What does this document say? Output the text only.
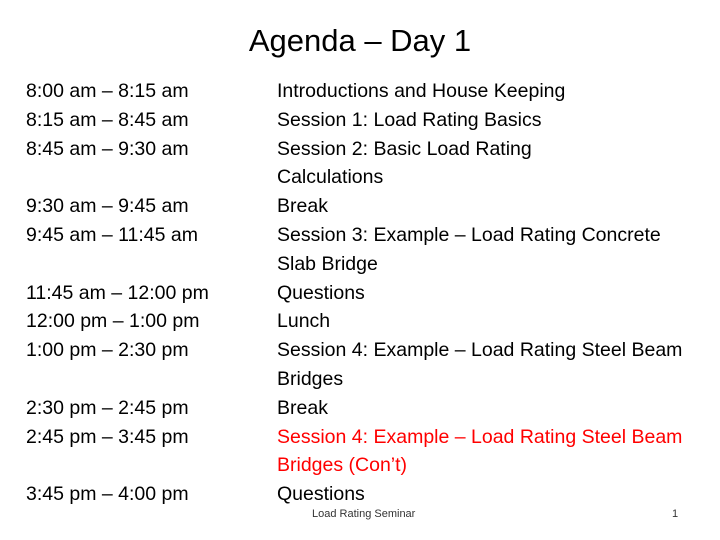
Agenda – Day 1
8:00 am – 8:15 am
8:15 am – 8:45 am
8:45 am – 9:30 am
9:30 am – 9:45 am
9:45 am – 11:45 am
11:45 am – 12:00 pm
12:00 pm – 1:00 pm
1:00 pm – 2:30 pm
2:30 pm – 2:45 pm
2:45 pm – 3:45 pm
3:45 pm – 4:00 pm
Introductions and House Keeping
Session 1: Load Rating Basics
Session 2: Basic Load Rating
Calculations
Break
Session 3: Example – Load Rating Concrete
Slab Bridge
Questions
Lunch
Session 4: Example – Load Rating Steel Beam
Bridges
Break
Session 4: Example – Load Rating Steel Beam
Bridges (Con’t)
Questions
Load Rating Seminar	1
